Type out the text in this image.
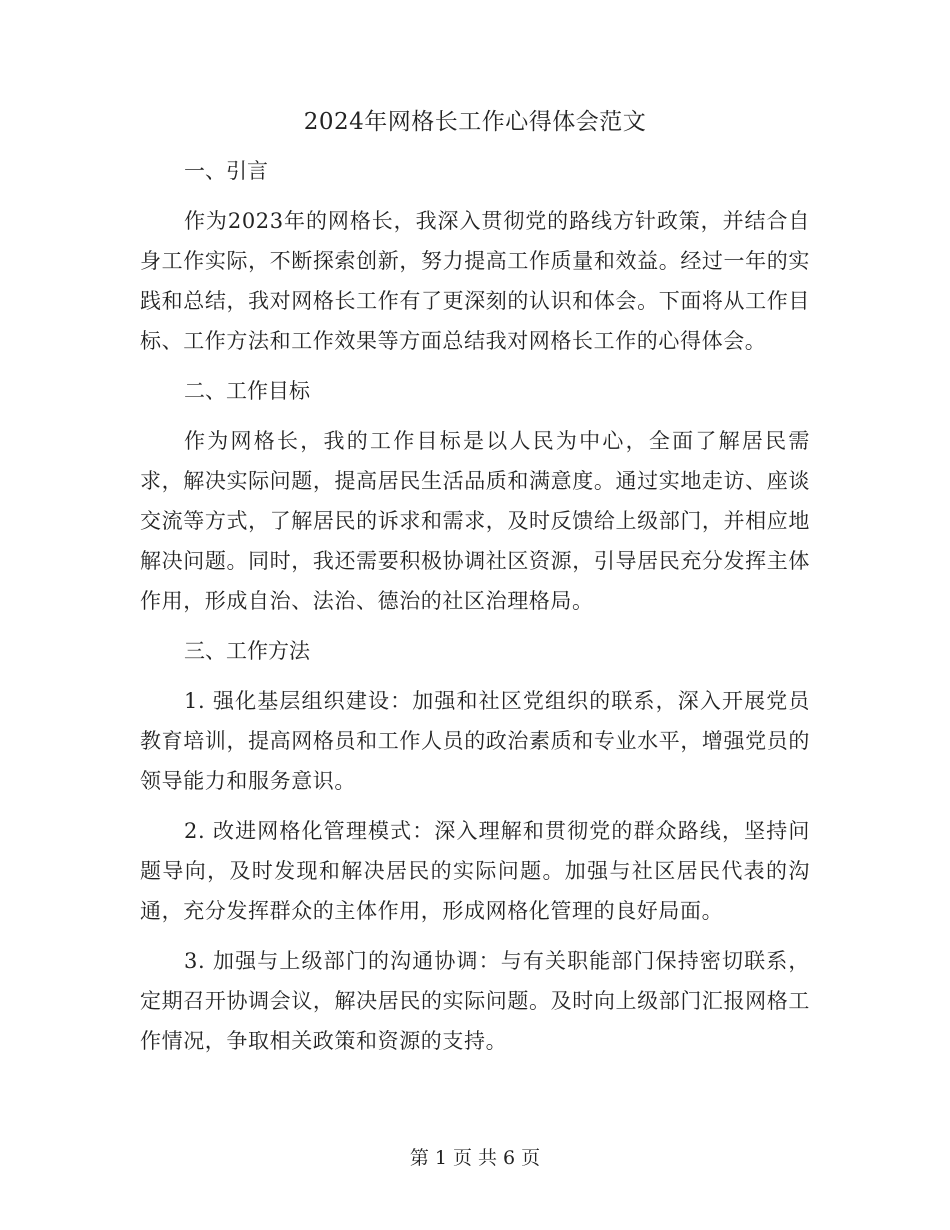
2024年网格长工作心得体会范文

一、引言

作为2023年的网格长，我深入贯彻党的路线方针政策，并结合自身工作实际，不断探索创新，努力提高工作质量和效益。经过一年的实践和总结，我对网格长工作有了更深刻的认识和体会。下面将从工作目标、工作方法和工作效果等方面总结我对网格长工作的心得体会。

二、工作目标

作为网格长，我的工作目标是以人民为中心，全面了解居民需求，解决实际问题，提高居民生活品质和满意度。通过实地走访、座谈交流等方式，了解居民的诉求和需求，及时反馈给上级部门，并相应地解决问题。同时，我还需要积极协调社区资源，引导居民充分发挥主体作用，形成自治、法治、德治的社区治理格局。

三、工作方法

1. 强化基层组织建设：加强和社区党组织的联系，深入开展党员教育培训，提高网格员和工作人员的政治素质和专业水平，增强党员的领导能力和服务意识。

2. 改进网格化管理模式：深入理解和贯彻党的群众路线，坚持问题导向，及时发现和解决居民的实际问题。加强与社区居民代表的沟通，充分发挥群众的主体作用，形成网格化管理的良好局面。

3. 加强与上级部门的沟通协调：与有关职能部门保持密切联系，定期召开协调会议，解决居民的实际问题。及时向上级部门汇报网格工作情况，争取相关政策和资源的支持。

第 1 页 共 6 页
